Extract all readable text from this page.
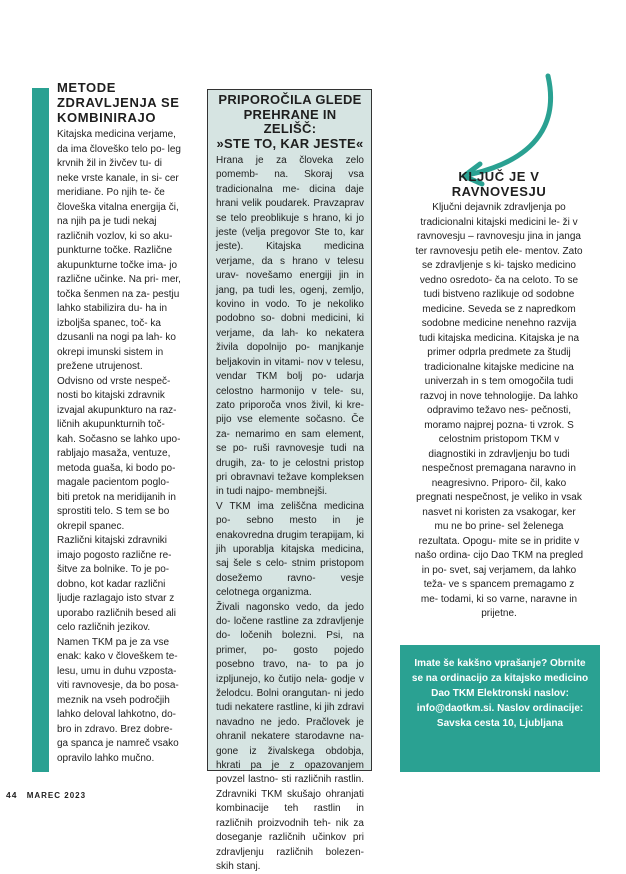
METODE
ZDRAVLJENJA SE
KOMBINIRAJO

Kitajska medicina verjame, da ima človeško telo po- leg krvnih žil in živčev tu- di neke vrste kanale, in si- cer meridiane. Po njih te- če človeška vitalna energija či, na njih pa je tudi nekaj različnih vozlov, ki so aku- punkturne točke. Različne akupunkturne točke ima- jo različne učinke. Na pri- mer, točka šenmen na za- pestju lahko stabilizira du- ha in izboljša spanec, toč- ka dzusanli na nogi pa lah- ko okrepi imunski sistem in prežene utrujenost.

Odvisno od vrste nespeč- nosti bo kitajski zdravnik izvajal akupunkturo na raz- ličnih akupunkturnih toč- kah. Sočasno se lahko upo- rabljajo masaža, ventuze, metoda guaša, ki bodo po- magale pacientom poglo- biti pretok na meridijanih in sprostiti telo. S tem se bo okrepil spanec.

Različni kitajski zdravniki imajo pogosto različne re- šitve za bolnike. To je po- dobno, kot kadar različni ljudje razlagajo isto stvar z uporabo različnih besed ali celo različnih jezikov. Namen TKM pa je za vse enak: kako v človeškem te- lesu, umu in duhu vzposta- viti ravnovesje, da bo posa- meznik na vseh področjih lahko deloval lahkotno, do- bro in zdravo. Brez dobre- ga spanca je namreč vsako opravilo lahko mučno.

PRIPOROČILA GLEDE
PREHRANE IN ZELIŠČ:
»STE TO, KAR JESTE«

Hrana je za človeka zelo pomemb- na. Skoraj vsa tradicionalna me- dicina daje hrani velik poudarek. Pravzaprav se telo preoblikuje s hrano, ki jo jeste (velja pregovor Ste to, kar jeste). Kitajska medicina verjame, da s hrano v telesu urav- novešamo energiji jin in jang, pa tudi les, ogenj, zemljo, kovino in vodo. To je nekoliko podobno so- dobni medicini, ki verjame, da lah- ko nekatera živila dopolnijo po- manjkanje beljakovin in vitami- nov v telesu, vendar TKM bolj po- udarja celostno harmonijo v tele- su, zato priporoča vnos živil, ki kre- pijo vse elemente sočasno. Če za- nemarimo en sam element, se po- ruši ravnovesje tudi na drugih, za- to je celostni pristop pri obravnavi težave kompleksen in tudi najpo- membnejši.

V TKM ima zeliščna medicina po- sebno mesto in je enakovredna drugim terapijam, ki jih uporablja kitajska medicina, saj šele s celo- stnim pristopom dosežemo ravno- vesje celotnega organizma.

Živali nagonsko vedo, da jedo do- ločene rastline za zdravljenje do- ločenih bolezni. Psi, na primer, po- gosto pojedo posebno travo, na- to pa jo izpljunejo, ko čutijo nela- godje v želodcu. Bolni orangutan- ni jedo tudi nekatere rastline, ki jih zdravi navadno ne jedo. Pračlovek je ohranil nekatere starodavne na- gone iz živalskega obdobja, hkrati pa je z opazovanjem povzel lastno- sti različnih rastlin. Zdravniki TKM skušajo ohranjati kombinacije teh rastlin in različnih proizvodnih teh- nik za doseganje različnih učinkov pri zdravljenju različnih bolezen- skih stanj.

KLJUČ JE V
RAVNOVESJU

Ključni dejavnik zdravljenja po tradicionalni kitajski medicini le- ži v ravnovesju – ravnovesju jina in janga ter ravnovesju petih ele- mentov. Zato se zdravljenje s ki- tajsko medicino vedno osredoto- ča na celoto. To se tudi bistveno razlikuje od sodobne medicine. Seveda se z napredkom sodobne medicine nenehno razvija tudi kitajska medicina. Kitajska je na primer odprla predmete za študij tradicionalne kitajske medicine na univerzah in s tem omogočila tudi razvoj in nove tehnologije. Da lahko odpravimo težavo nes- pečnosti, moramo najprej pozna- ti vzrok. S celostnim pristopom TKM v diagnostiki in zdravljenju bo tudi nespečnost premagana naravno in neagresivno. Priporo- čil, kako pregnati nespečnost, je veliko in vsak nasvet ni koristen za vsakogar, ker mu ne bo prine- sel želenega rezultata. Opogu- mite se in pridite v našo ordina- cijo Dao TKM na pregled in po- svet, saj verjamem, da lahko teža- ve s spancem premagamo z me- todami, ki so varne, naravne in prijetne.

Imate še kakšno vprašanje? Obrnite se na ordinacijo za kitajsko medicino Dao TKM Elektronski naslov: info@daotkm.si. Naslov ordinacije: Savska cesta 10, Ljubljana

44 MAREC 2023
